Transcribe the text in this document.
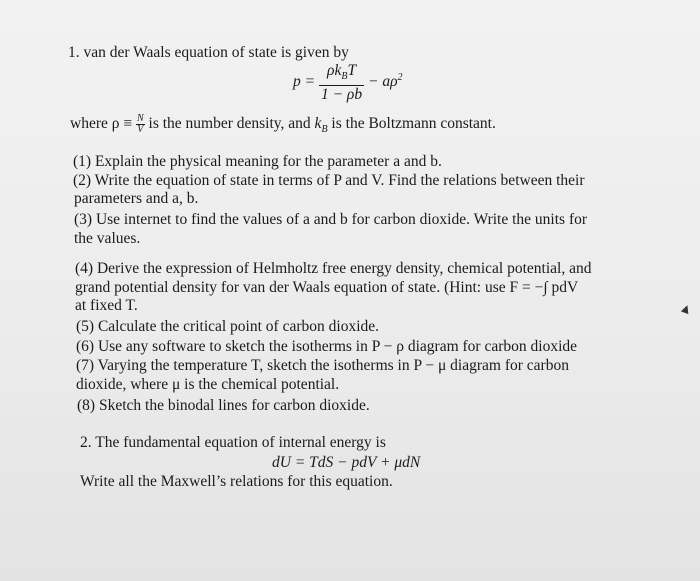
1. van der Waals equation of state is given by
$p = \frac{\rho k_BT}{1 - \rho b} - a\rho^2$
where $\rho \equiv \frac{N}{V}$ is the number density, and $k_B$ is the Boltzmann constant.
(1) Explain the physical meaning for the parameter a and b.
(2) Write the equation of state in terms of P and V. Find the relations between their
parameters and a, b.
(3) Use internet to find the values of a and b for carbon dioxide. Write the units for
the values.
(4) Derive the expression of Helmholtz free energy density, chemical potential, and
grand potential density for van der Waals equation of state. (Hint: use F = −∫ pdV
at fixed T.
(5) Calculate the critical point of carbon dioxide.
(6) Use any software to sketch the isotherms in P − ρ diagram for carbon dioxide
(7) Varying the temperature T, sketch the isotherms in P − μ diagram for carbon
dioxide, where μ is the chemical potential.
(8) Sketch the binodal lines for carbon dioxide.
2. The fundamental equation of internal energy is
dU = TdS − pdV + μdN
Write all the Maxwell’s relations for this equation.
